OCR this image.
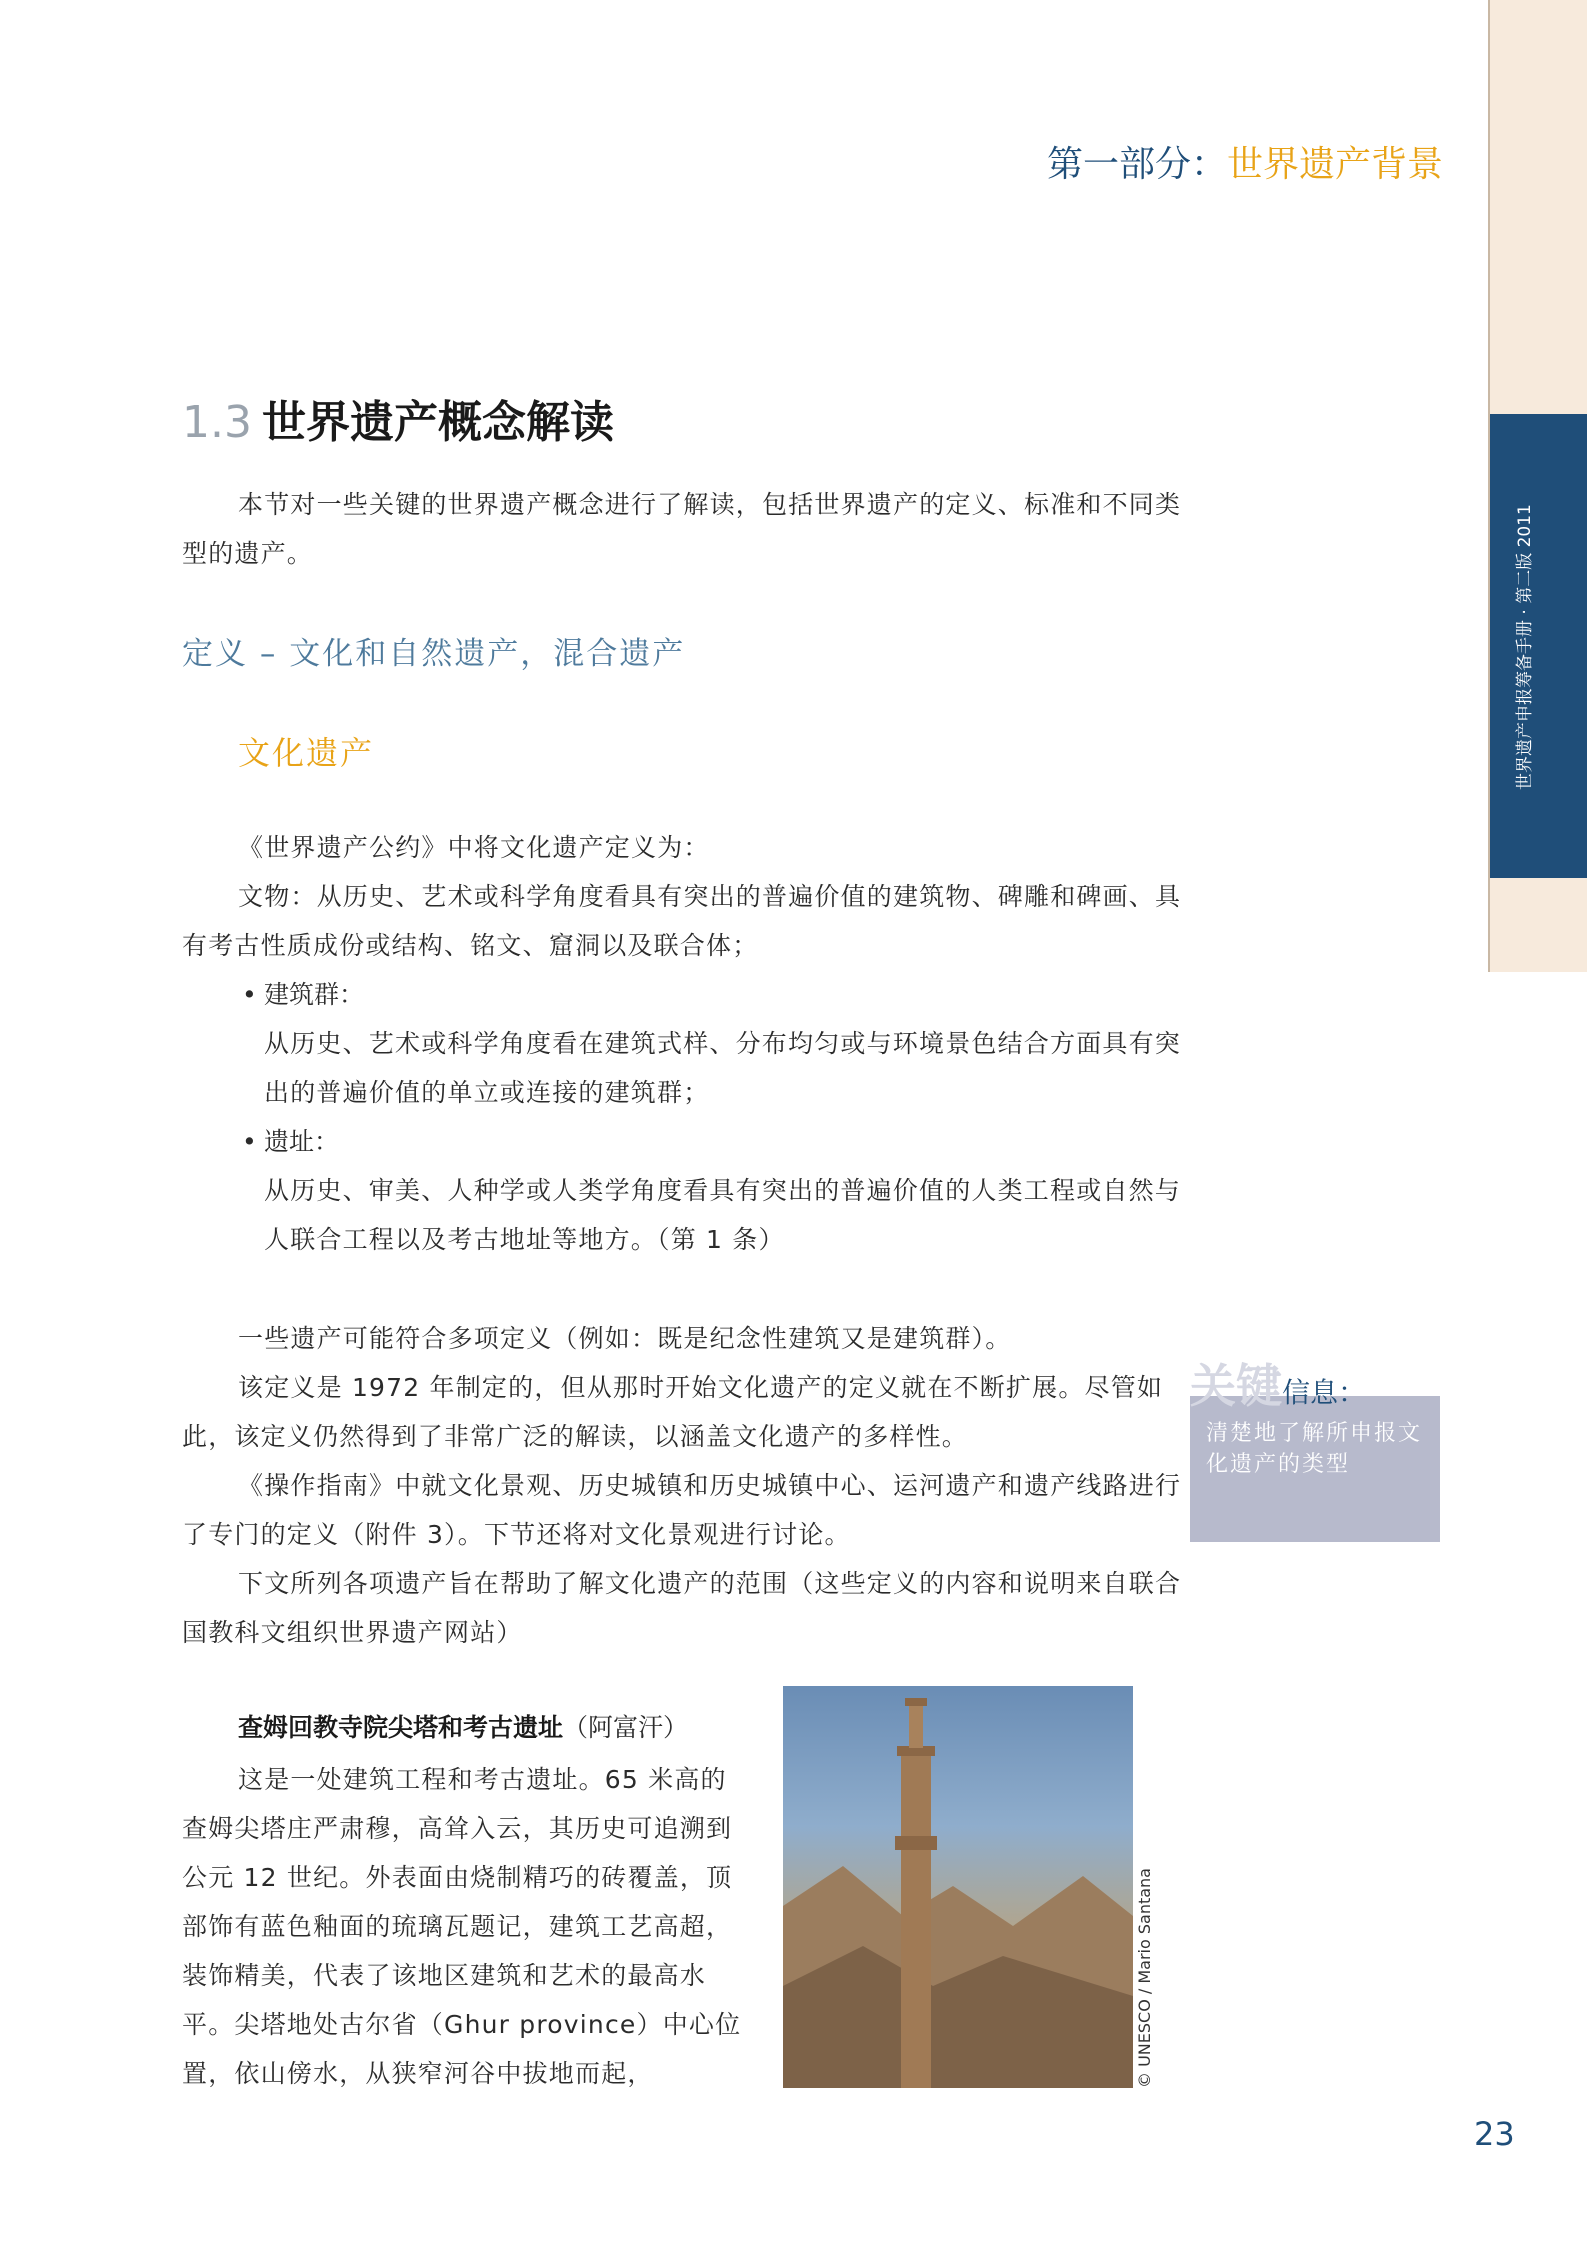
世界遗产申报筹备手册 · 第二版 2011
第一部分：世界遗产背景
1.3 世界遗产概念解读
本节对一些关键的世界遗产概念进行了解读，包括世界遗产的定义、标准和不同类型的遗产。
定义 – 文化和自然遗产，混合遗产
文化遗产
《世界遗产公约》中将文化遗产定义为：
文物：从历史、艺术或科学角度看具有突出的普遍价值的建筑物、碑雕和碑画、具有考古性质成份或结构、铭文、窟洞以及联合体；
• 建筑群：
从历史、艺术或科学角度看在建筑式样、分布均匀或与环境景色结合方面具有突出的普遍价值的单立或连接的建筑群；
• 遗址：
从历史、审美、人种学或人类学角度看具有突出的普遍价值的人类工程或自然与人联合工程以及考古地址等地方。（第 1 条）
一些遗产可能符合多项定义（例如：既是纪念性建筑又是建筑群）。
该定义是 1972 年制定的，但从那时开始文化遗产的定义就在不断扩展。尽管如此，该定义仍然得到了非常广泛的解读，以涵盖文化遗产的多样性。
《操作指南》中就文化景观、历史城镇和历史城镇中心、运河遗产和遗产线路进行了专门的定义（附件 3）。下节还将对文化景观进行讨论。
下文所列各项遗产旨在帮助了解文化遗产的范围（这些定义的内容和说明来自联合国教科文组织世界遗产网站）
关键信息：
清楚地了解所申报文化遗产的类型
查姆回教寺院尖塔和考古遗址（阿富汗）
这是一处建筑工程和考古遗址。65 米高的查姆尖塔庄严肃穆，高耸入云，其历史可追溯到公元 12 世纪。外表面由烧制精巧的砖覆盖，顶部饰有蓝色釉面的琉璃瓦题记，建筑工艺高超，装饰精美，代表了该地区建筑和艺术的最高水平。尖塔地处古尔省（Ghur province）中心位置，依山傍水，从狭窄河谷中拔地而起，	© UNESCO / Mario Santana
23
